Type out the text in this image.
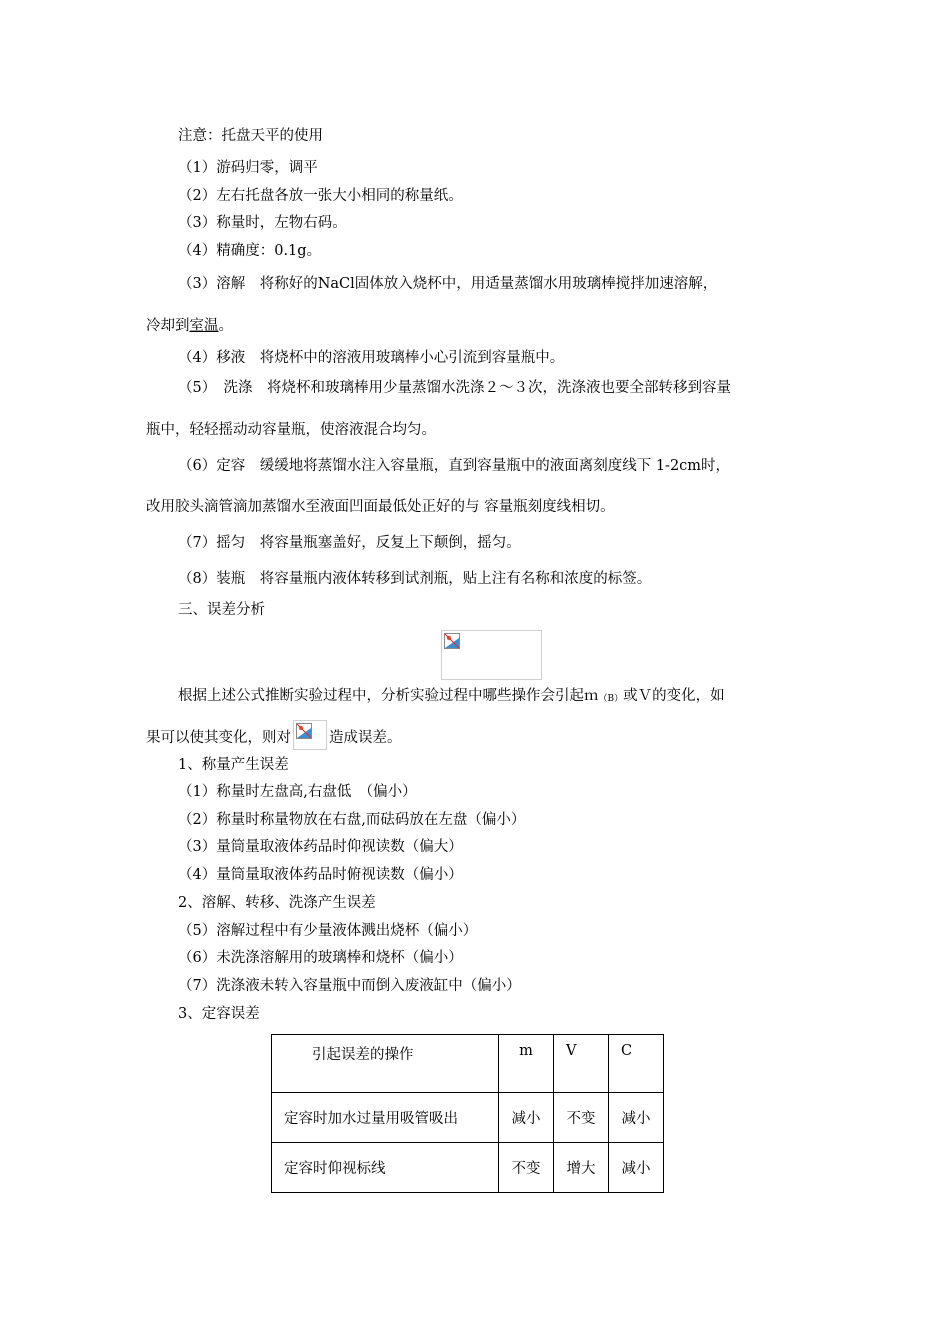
注意：托盘天平的使用
（1）游码归零，调平
（2）左右托盘各放一张大小相同的称量纸。
（3）称量时，左物右码。
（4）精确度：0.1g。
（3）溶解　将称好的NaCl固体放入烧杯中，用适量蒸馏水用玻璃棒搅拌加速溶解，
冷却到室温。
（4）移液　将烧杯中的溶液用玻璃棒小心引流到容量瓶中。
（5）　洗涤　将烧杯和玻璃棒用少量蒸馏水洗涤２～３次，洗涤液也要全部转移到容量
瓶中，轻轻摇动动容量瓶，使溶液混合均匀。
（6）定容　缓缓地将蒸馏水注入容量瓶，直到容量瓶中的液面离刻度线下 1-2cm时，
改用胶头滴管滴加蒸馏水至液面凹面最低处正好的与 容量瓶刻度线相切。
（7）摇匀　将容量瓶塞盖好，反复上下颠倒，摇匀。
（8）装瓶　将容量瓶内液体转移到试剂瓶，贴上注有名称和浓度的标签。
三、误差分析
根据上述公式推断实验过程中，分析实验过程中哪些操作会引起ｍ（B）或Ｖ的变化，如
果可以使其变化，则对	造成误差。
1、称量产生误差
（1）称量时左盘高,右盘低　（偏小）
（2）称量时称量物放在右盘,而砝码放在左盘（偏小）
（3）量筒量取液体药品时仰视读数（偏大）
（4）量筒量取液体药品时俯视读数（偏小）
2、溶解、转移、洗涤产生误差
（5）溶解过程中有少量液体溅出烧杯（偏小）
（6）未洗涤溶解用的玻璃棒和烧杯（偏小）
（7）洗涤液未转入容量瓶中而倒入废液缸中（偏小）
3、定容误差
引起误差的操作	m	V	C
定容时加水过量用吸管吸出	减小	不变	减小
定容时仰视标线	不变	增大	减小
